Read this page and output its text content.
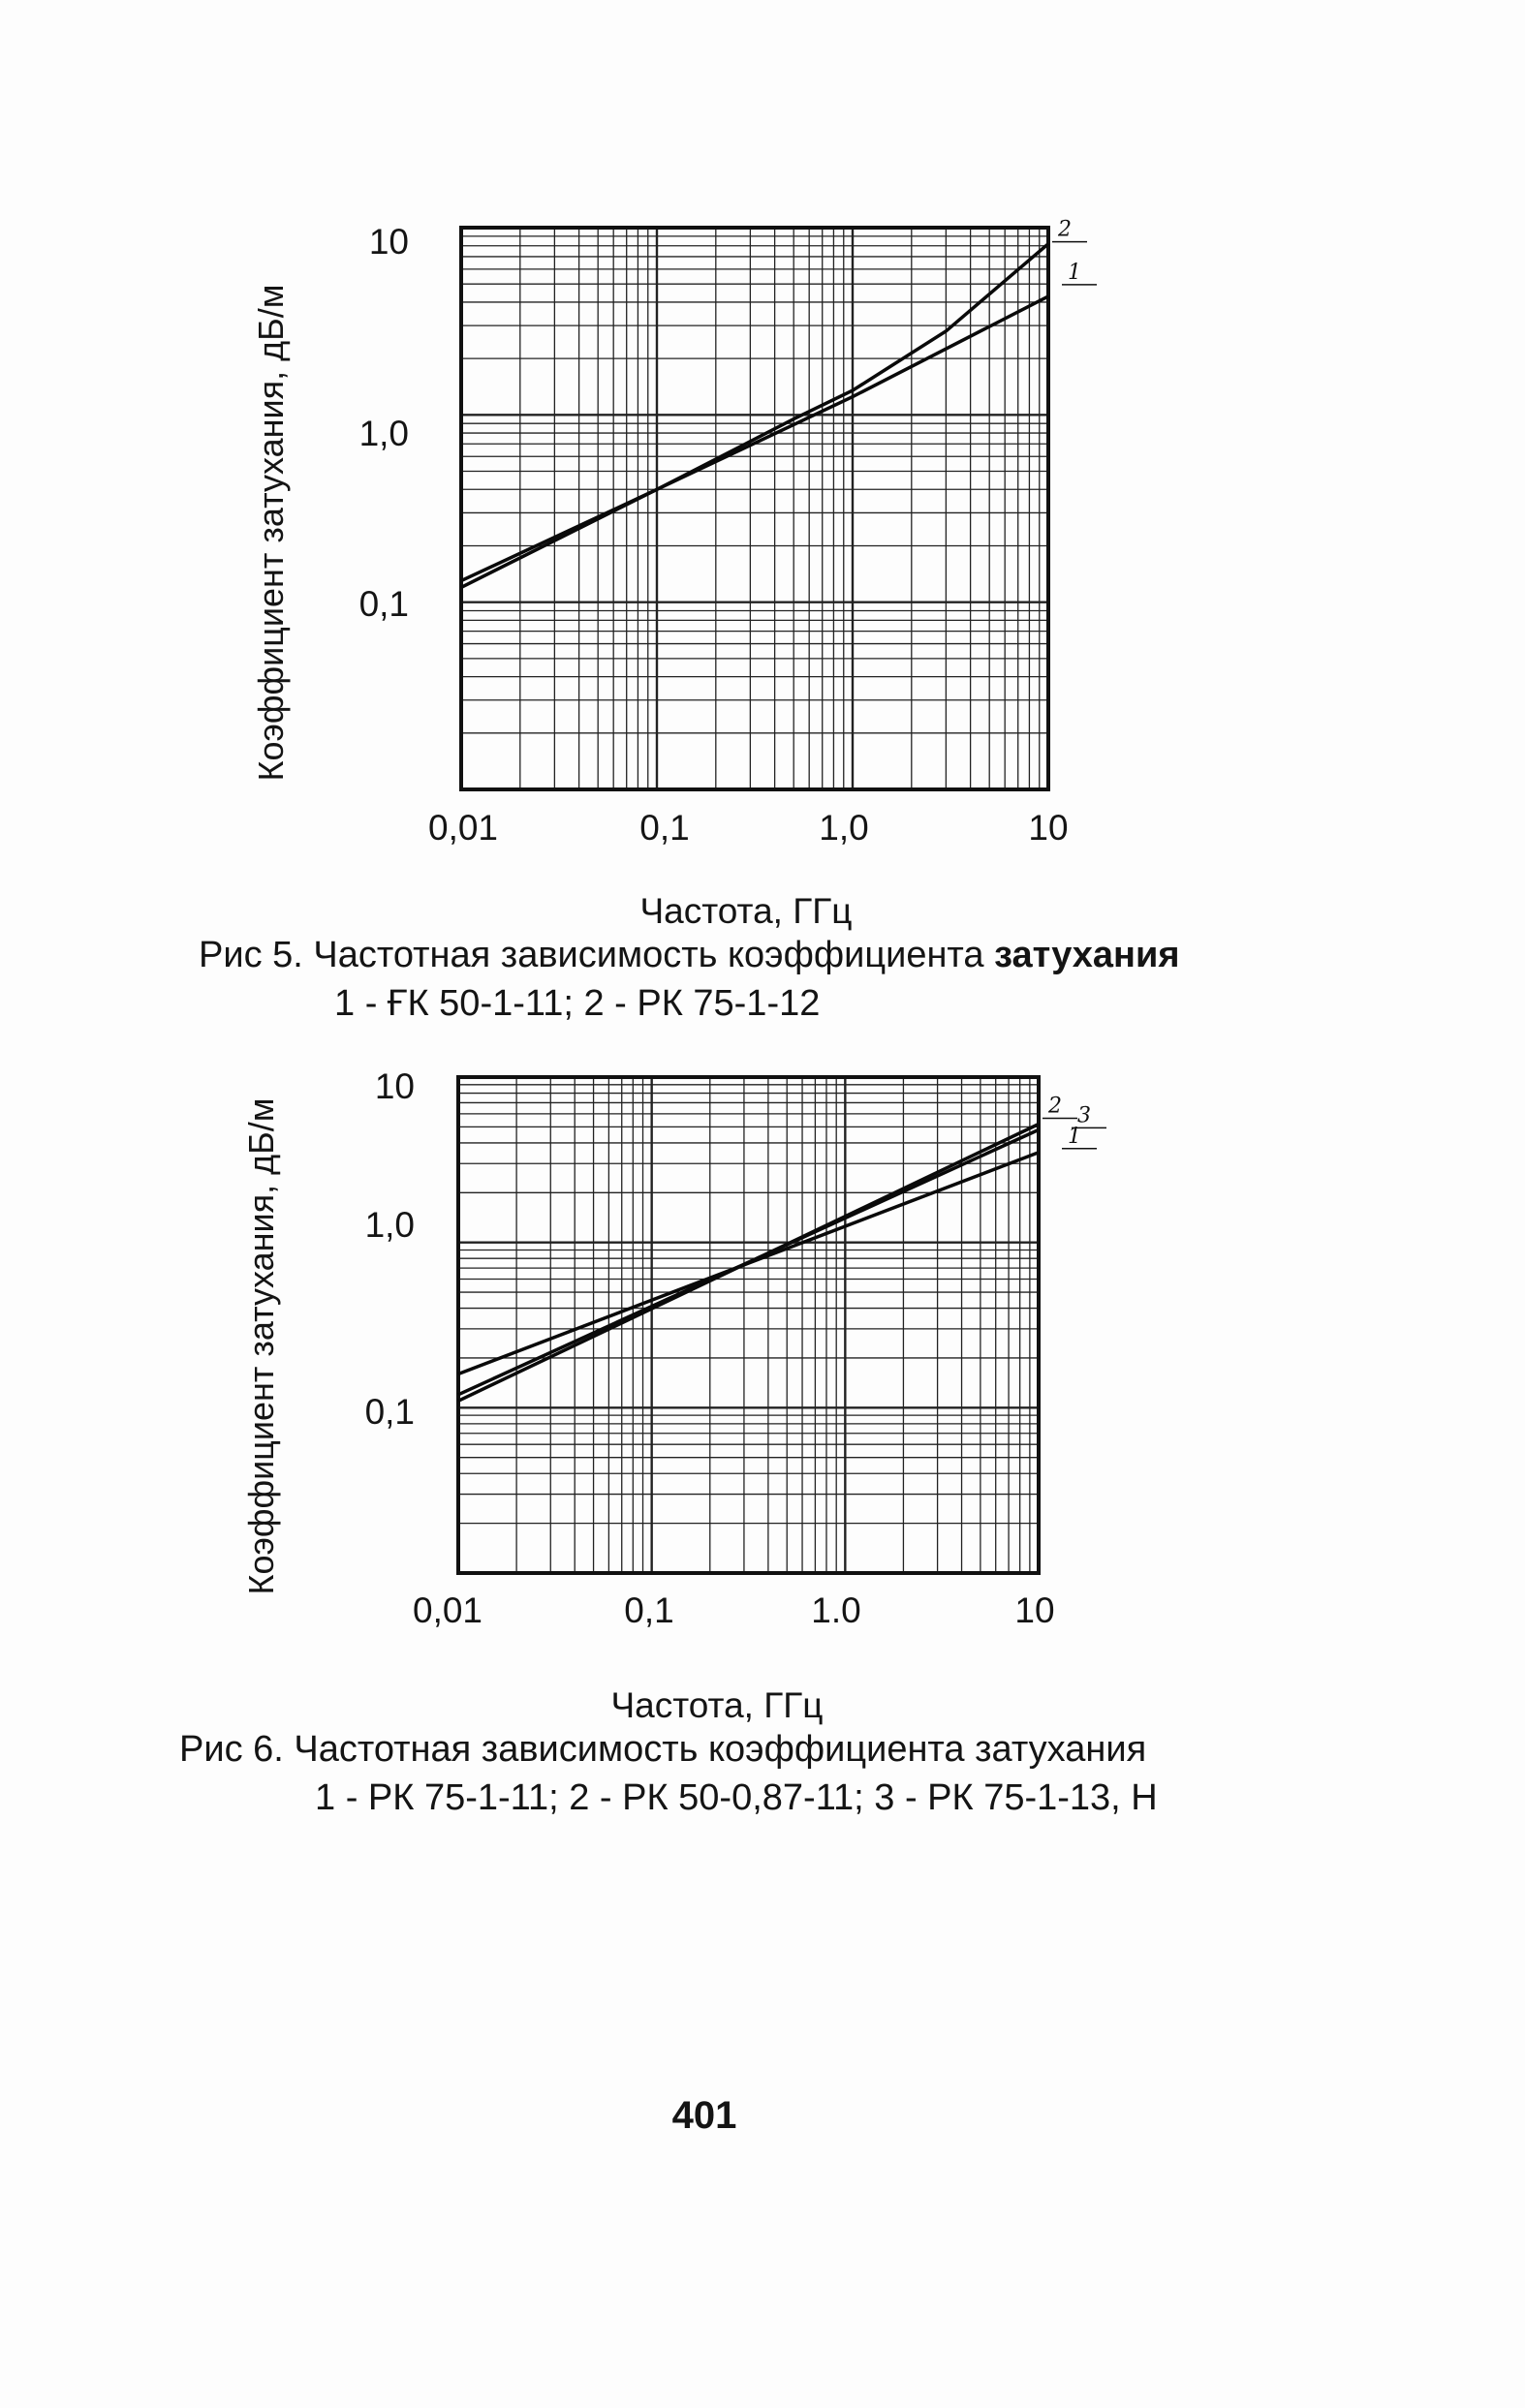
1
2
1
2 3
Коэффициент затухания, дБ/м
10
1,0
0,1
0,01	0,1	1,0	10
Частота, ГГц
Рис 5. Частотная зависимость коэффициента затухания
1 - ҒК 50-1-11; 2 - РК 75-1-12
Коэффициент затухания, дБ/м
10
1,0
0,1
0,01	0,1	1.0	10
Частота, ГГц
Рис 6. Частотная зависимость коэффициента затухания
1 - РК 75-1-11; 2 - РК 50-0,87-11; 3 - РК 75-1-13, Н
401
